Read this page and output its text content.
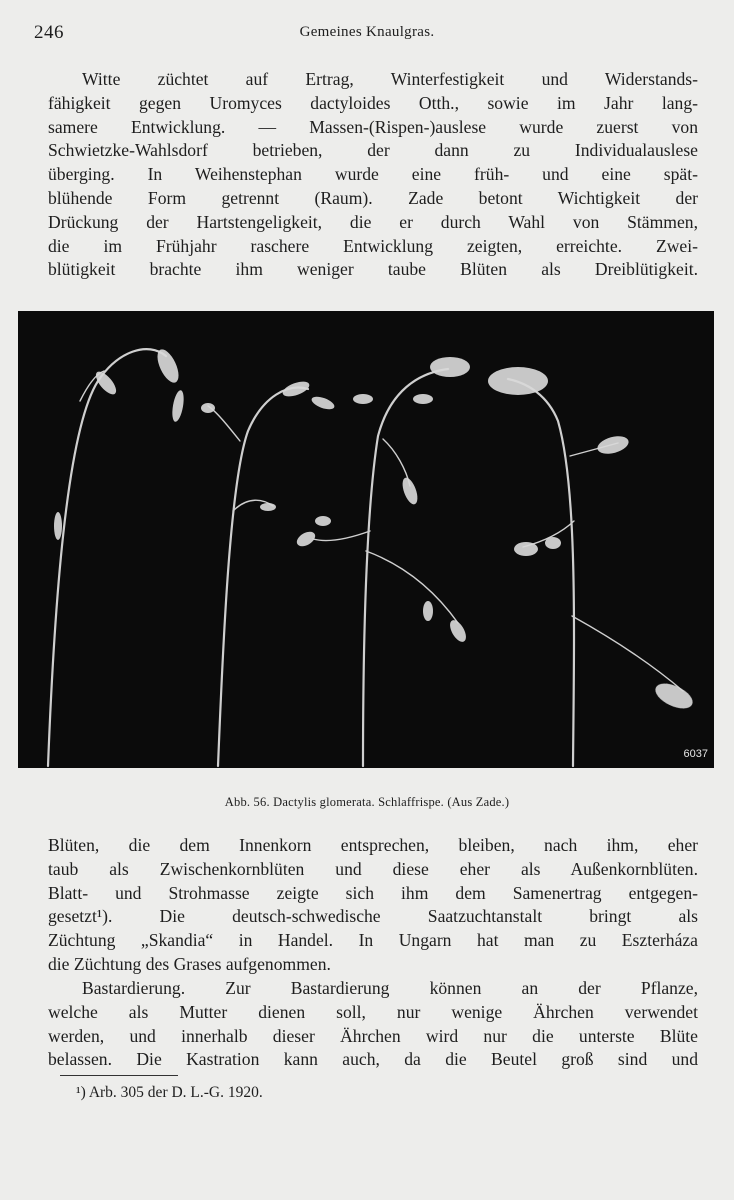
246	Gemeines Knaulgras.
Witte züchtet auf Ertrag, Winterfestigkeit und Widerstands-
fähigkeit gegen Uromyces dactyloides Otth., sowie im Jahr lang-
samere Entwicklung. — Massen-(Rispen-)auslese wurde zuerst von
Schwietzke-Wahlsdorf betrieben, der dann zu Individualauslese
überging. In Weihenstephan wurde eine früh- und eine spät-
blühende Form getrennt (Raum). Zade betont Wichtigkeit der
Drückung der Hartstengeligkeit, die er durch Wahl von Stämmen,
die im Frühjahr raschere Entwicklung zeigten, erreichte. Zwei-
blütigkeit brachte ihm weniger taube Blüten als Dreiblütigkeit.
6037
Abb. 56. Dactylis glomerata. Schlaffrispe. (Aus Zade.)
Blüten, die dem Innenkorn entsprechen, bleiben, nach ihm, eher
taub als Zwischenkornblüten und diese eher als Außenkornblüten.
Blatt- und Strohmasse zeigte sich ihm dem Samenertrag entgegen-
gesetzt¹). Die deutsch-schwedische Saatzuchtanstalt bringt als
Züchtung „Skandia“ in Handel. In Ungarn hat man zu Eszterháza
die Züchtung des Grases aufgenommen.
Bastardierung. Zur Bastardierung können an der Pflanze,
welche als Mutter dienen soll, nur wenige Ährchen verwendet
werden, und innerhalb dieser Ährchen wird nur die unterste Blüte
belassen. Die Kastration kann auch, da die Beutel groß sind und
¹) Arb. 305 der D. L.-G. 1920.
